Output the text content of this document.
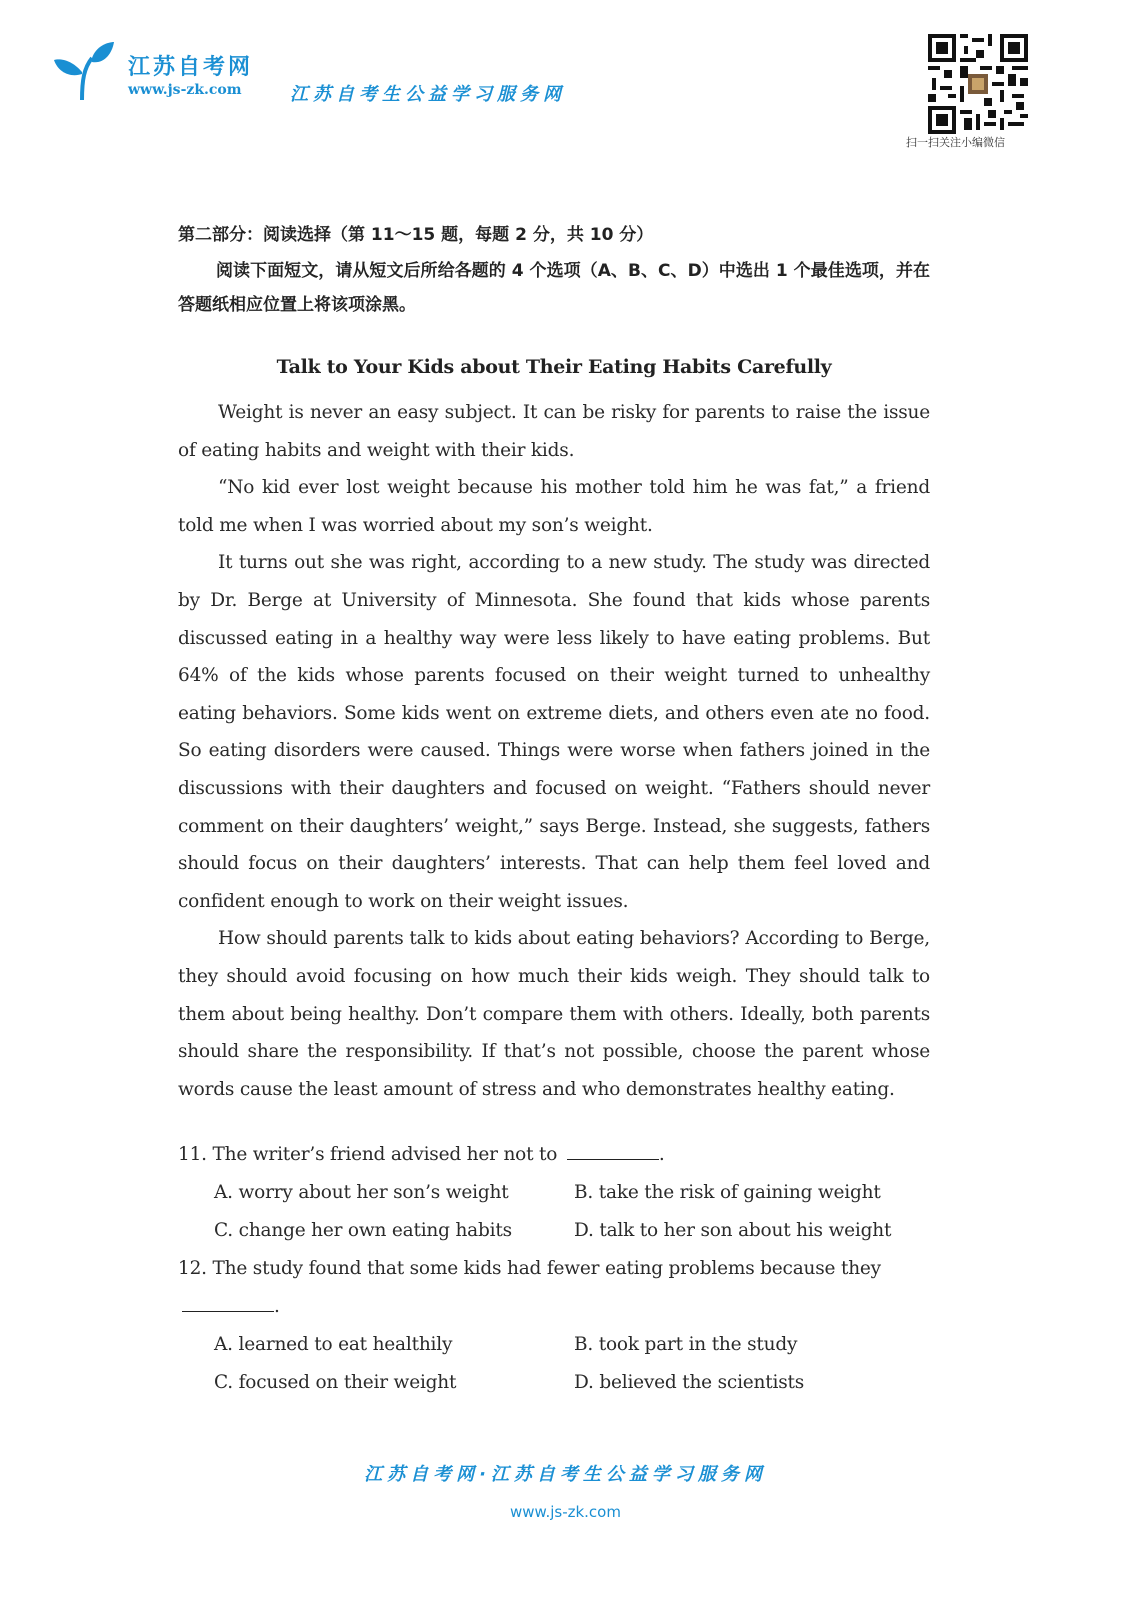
江苏自考网
www.js-zk.com	江苏自考生公益学习服务网
扫一扫关注小编微信

第二部分：阅读选择（第 11～15 题，每题 2 分，共 10 分）

阅读下面短文，请从短文后所给各题的 4 个选项（A、B、C、D）中选出 1 个最佳选项，并在答题纸相应位置上将该项涂黑。

Talk to Your Kids about Their Eating Habits Carefully

Weight is never an easy subject. It can be risky for parents to raise the issue of eating habits and weight with their kids.

“No kid ever lost weight because his mother told him he was fat,” a friend told me when I was worried about my son’s weight.

It turns out she was right, according to a new study. The study was directed by Dr. Berge at University of Minnesota. She found that kids whose parents discussed eating in a healthy way were less likely to have eating problems. But 64% of the kids whose parents focused on their weight turned to unhealthy eating behaviors. Some kids went on extreme diets, and others even ate no food. So eating disorders were caused. Things were worse when fathers joined in the discussions with their daughters and focused on weight. “Fathers should never comment on their daughters’ weight,” says Berge. Instead, she suggests, fathers should focus on their daughters’ interests. That can help them feel loved and confident enough to work on their weight issues.

How should parents talk to kids about eating behaviors? According to Berge, they should avoid focusing on how much their kids weigh. They should talk to them about being healthy. Don’t compare them with others. Ideally, both parents should share the responsibility. If that’s not possible, choose the parent whose words cause the least amount of stress and who demonstrates healthy eating.

11. The writer’s friend advised her not to	.

A. worry about her son’s weight	B. take the risk of gaining weight

C. change her own eating habits	D. talk to her son about his weight

12. The study found that some kids had fewer eating problems because they .

A. learned to eat healthily	B. took part in the study

C. focused on their weight	D. believed the scientists

江苏自考网·江苏自考生公益学习服务网
www.js-zk.com
